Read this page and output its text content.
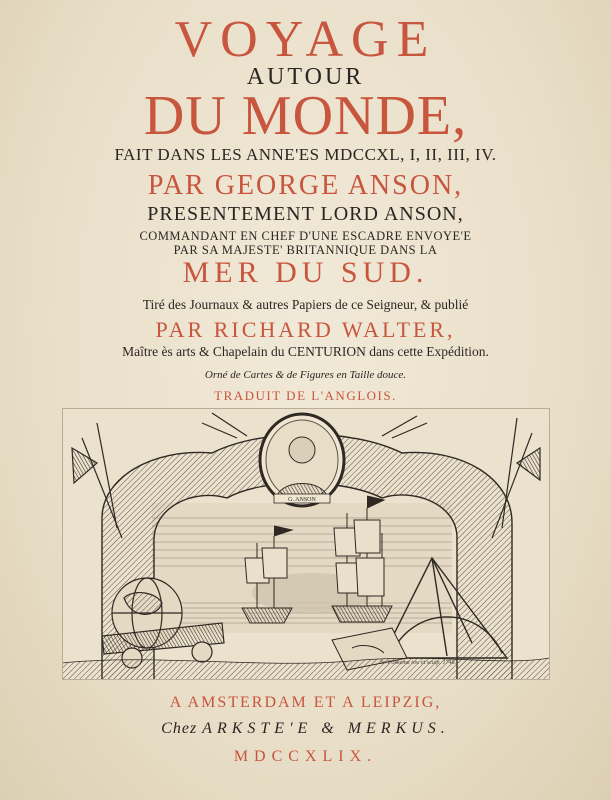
VOYAGE
AUTOUR
DU MONDE,
FAIT DANS LES ANNE'ES MDCCXL, I, II, III, IV.
PAR GEORGE ANSON,
PRESENTEMENT LORD ANSON,
COMMANDANT EN CHEF D'UNE ESCADRE ENVOYE'E
PAR SA MAJESTE' BRITANNIQUE DANS LA
MER DU SUD.
Tiré des Journaux & autres Papiers de ce Seigneur, & publié
PAR RICHARD WALTER,
Maître ès arts & Chapelain du CENTURION dans cette Expédition.
Orné de Cartes & de Figures en Taille douce.
TRADUIT DE L'ANGLOIS.
G. ANSON
Sr. Fokkema inv. et sculp. 1748.
A AMSTERDAM ET A LEIPZIG,
Chez ARKSTE'E & MERKUS.
MDCCXLIX.
